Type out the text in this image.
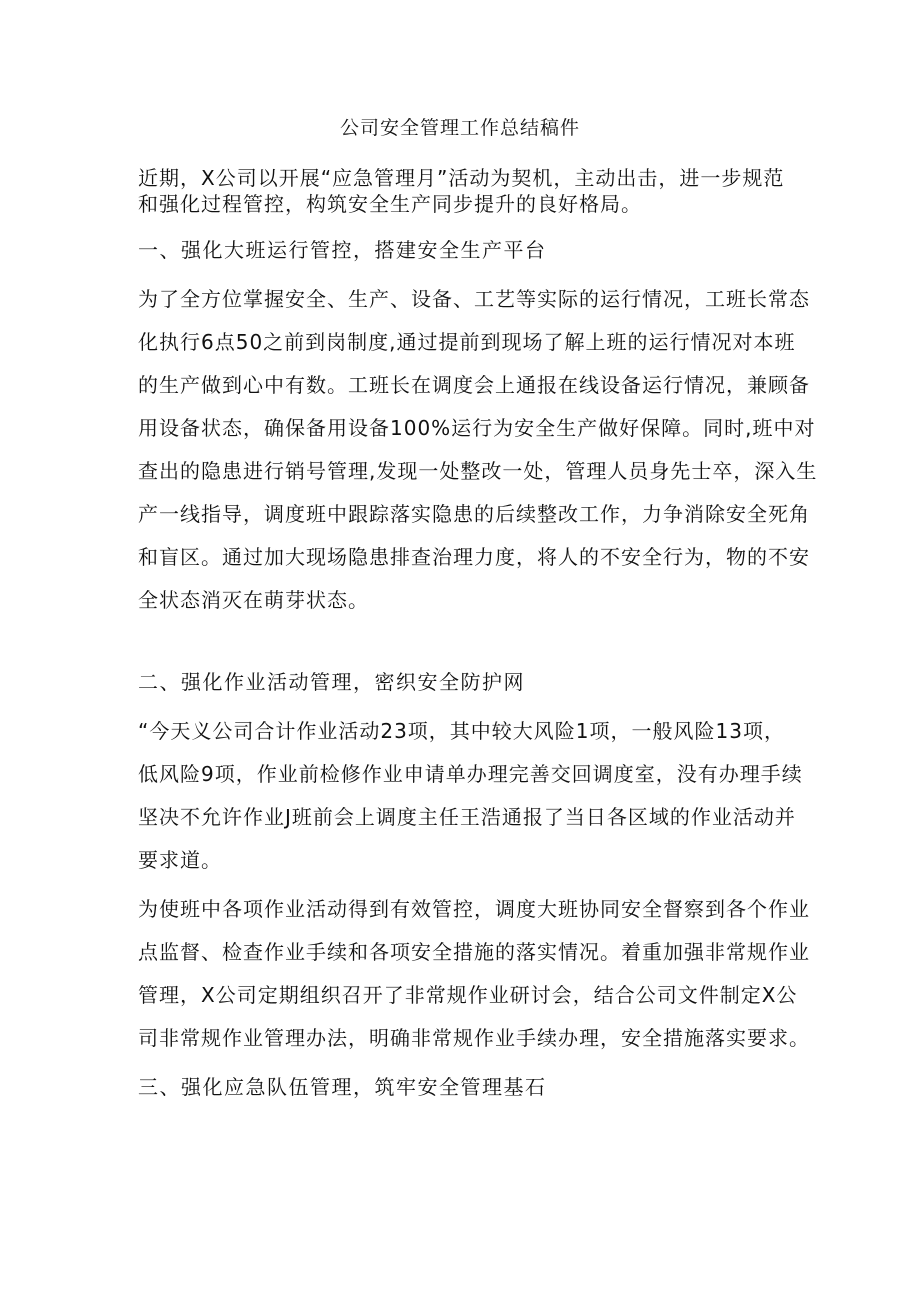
公司安全管理工作总结稿件
近期，X公司以开展“应急管理月”活动为契机，主动出击，进一步规范
和强化过程管控，构筑安全生产同步提升的良好格局。
一、强化大班运行管控，搭建安全生产平台
为了全方位掌握安全、生产、设备、工艺等实际的运行情况，工班长常态
化执行6点50之前到岗制度,通过提前到现场了解上班的运行情况对本班
的生产做到心中有数。工班长在调度会上通报在线设备运行情况，兼顾备
用设备状态，确保备用设备100%运行为安全生产做好保障。同时,班中对
查出的隐患进行销号管理,发现一处整改一处，管理人员身先士卒，深入生
产一线指导，调度班中跟踪落实隐患的后续整改工作，力争消除安全死角
和盲区。通过加大现场隐患排查治理力度，将人的不安全行为，物的不安
全状态消灭在萌芽状态。
二、强化作业活动管理，密织安全防护网
“今天义公司合计作业活动23项，其中较大风险1项，一般风险13项，
低风险9项，作业前检修作业申请单办理完善交回调度室，没有办理手续
坚决不允许作业J班前会上调度主任王浩通报了当日各区域的作业活动并
要求道。
为使班中各项作业活动得到有效管控，调度大班协同安全督察到各个作业
点监督、检查作业手续和各项安全措施的落实情况。着重加强非常规作业
管理，X公司定期组织召开了非常规作业研讨会，结合公司文件制定X公
司非常规作业管理办法，明确非常规作业手续办理，安全措施落实要求。
三、强化应急队伍管理，筑牢安全管理基石
